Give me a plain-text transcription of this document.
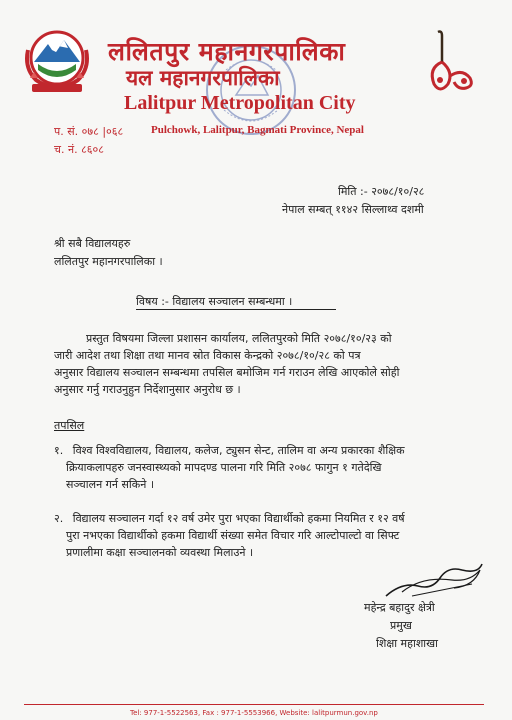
ललितपुर महानगरपालिका
यल महानगरपालिका
Lalitpur Metropolitan City
प. सं. ०७८ |०६८	Pulchowk, Lalitpur, Bagmati Province, Nepal
च. नं. ८६०८
मिति :- २०७८/१०/२८
नेपाल सम्बत् ११४२ सिल्लाथ्व दशमी
श्री सबै विद्यालयहरु
ललितपुर महानगरपालिका ।
विषय :- विद्यालय सञ्चालन सम्बन्धमा ।
प्रस्तुत विषयमा जिल्ला प्रशासन कार्यालय, ललितपुरको मिति २०७८/१०/२३ को
जारी आदेश तथा शिक्षा तथा मानव स्रोत विकास केन्द्रको २०७८/१०/२८ को पत्र
अनुसार विद्यालय सञ्चालन सम्बन्धमा तपसिल बमोजिम गर्न गराउन लेखि आएकोले सोही
अनुसार गर्नु गराउनुहुन निर्देशानुसार अनुरोध छ ।
तपसिल
१. विश्व विश्वविद्यालय, विद्यालय, कलेज, ट्युसन सेन्ट, तालिम वा अन्य प्रकारका शैक्षिक
क्रियाकलापहरु जनस्वास्थ्यको मापदण्ड पालना गरि मिति २०७८ फागुन १ गतेदेखि
सञ्चालन गर्न सकिने ।
२. विद्यालय सञ्चालन गर्दा १२ वर्ष उमेर पुरा भएका विद्यार्थीको हकमा नियमित र १२ वर्ष
पुरा नभएका विद्यार्थीको हकमा विद्यार्थी संख्या समेत विचार गरि आल्टोपाल्टो वा सिफ्ट
प्रणालीमा कक्षा सञ्चालनको व्यवस्था मिलाउने ।
महेन्द्र बहादुर क्षेत्री
प्रमुख
शिक्षा महाशाखा
Tel: 977-1-5522563, Fax : 977-1-5553966, Website: lalitpurmun.gov.np
